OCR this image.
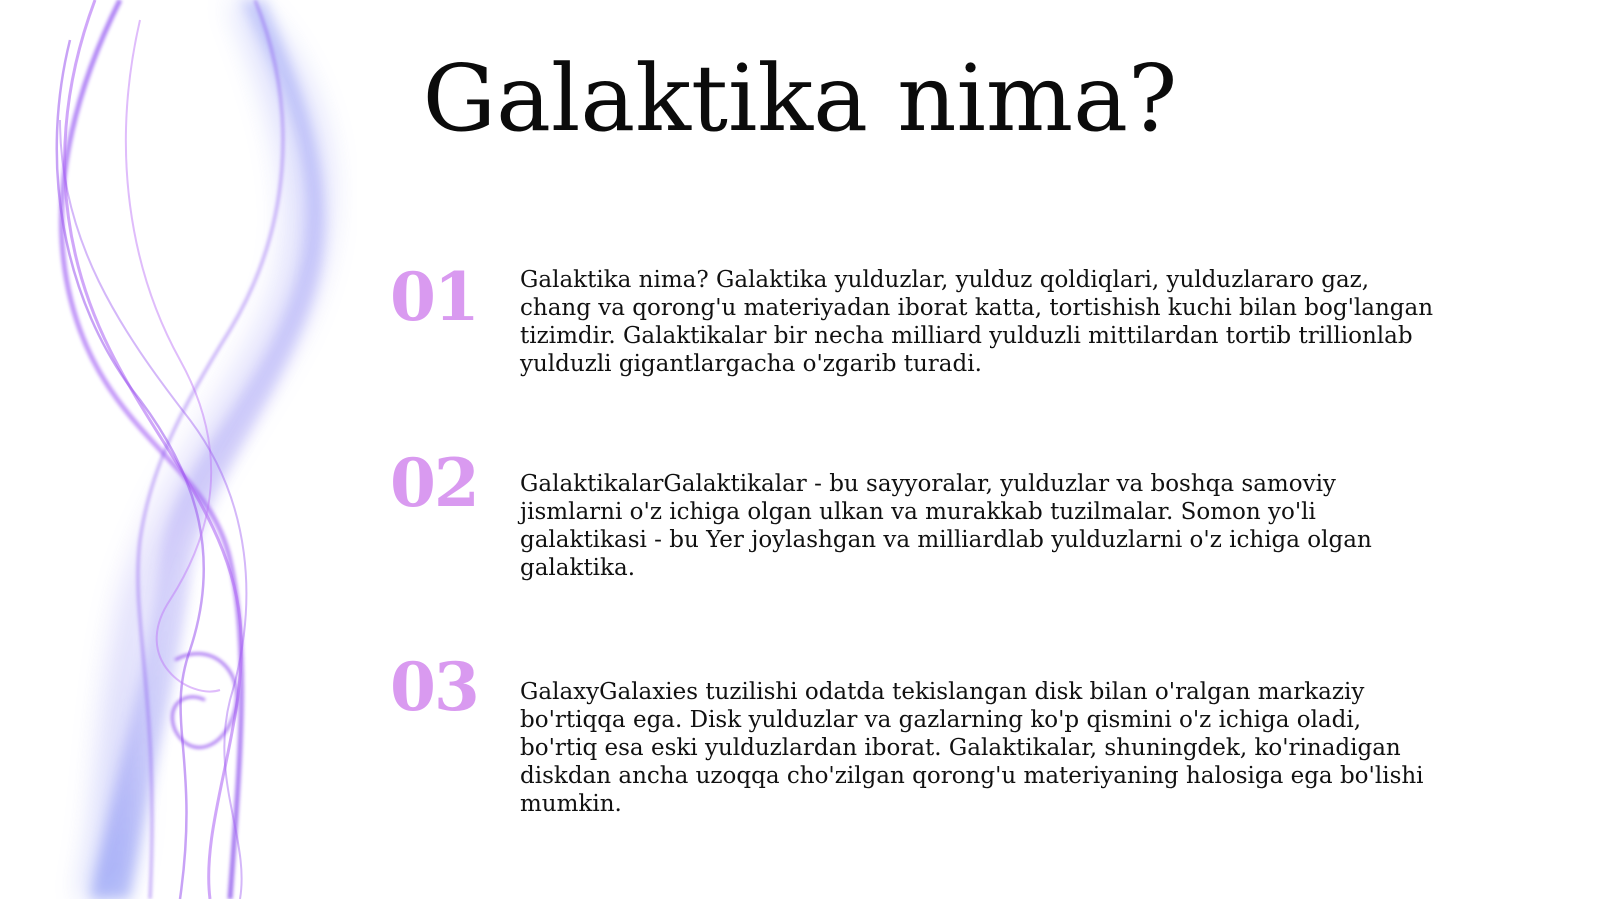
Galaktika nima?
01	Galaktika nima? Galaktika yulduzlar, yulduz qoldiqlari, yulduzlararo gaz, chang va qorong'u materiyadan iborat katta, tortishish kuchi bilan bog'langan tizimdir. Galaktikalar bir necha milliard yulduzli mittilardan tortib trillionlab yulduzli gigantlargacha o'zgarib turadi.
02	GalaktikalarGalaktikalar - bu sayyoralar, yulduzlar va boshqa samoviy jismlarni o'z ichiga olgan ulkan va murakkab tuzilmalar. Somon yo'li galaktikasi - bu Yer joylashgan va milliardlab yulduzlarni o'z ichiga olgan galaktika.
03	GalaxyGalaxies tuzilishi odatda tekislangan disk bilan o'ralgan markaziy bo'rtiqqa ega. Disk yulduzlar va gazlarning ko'p qismini o'z ichiga oladi, bo'rtiq esa eski yulduzlardan iborat. Galaktikalar, shuningdek, ko'rinadigan diskdan ancha uzoqqa cho'zilgan qorong'u materiyaning halosiga ega bo'lishi mumkin.
